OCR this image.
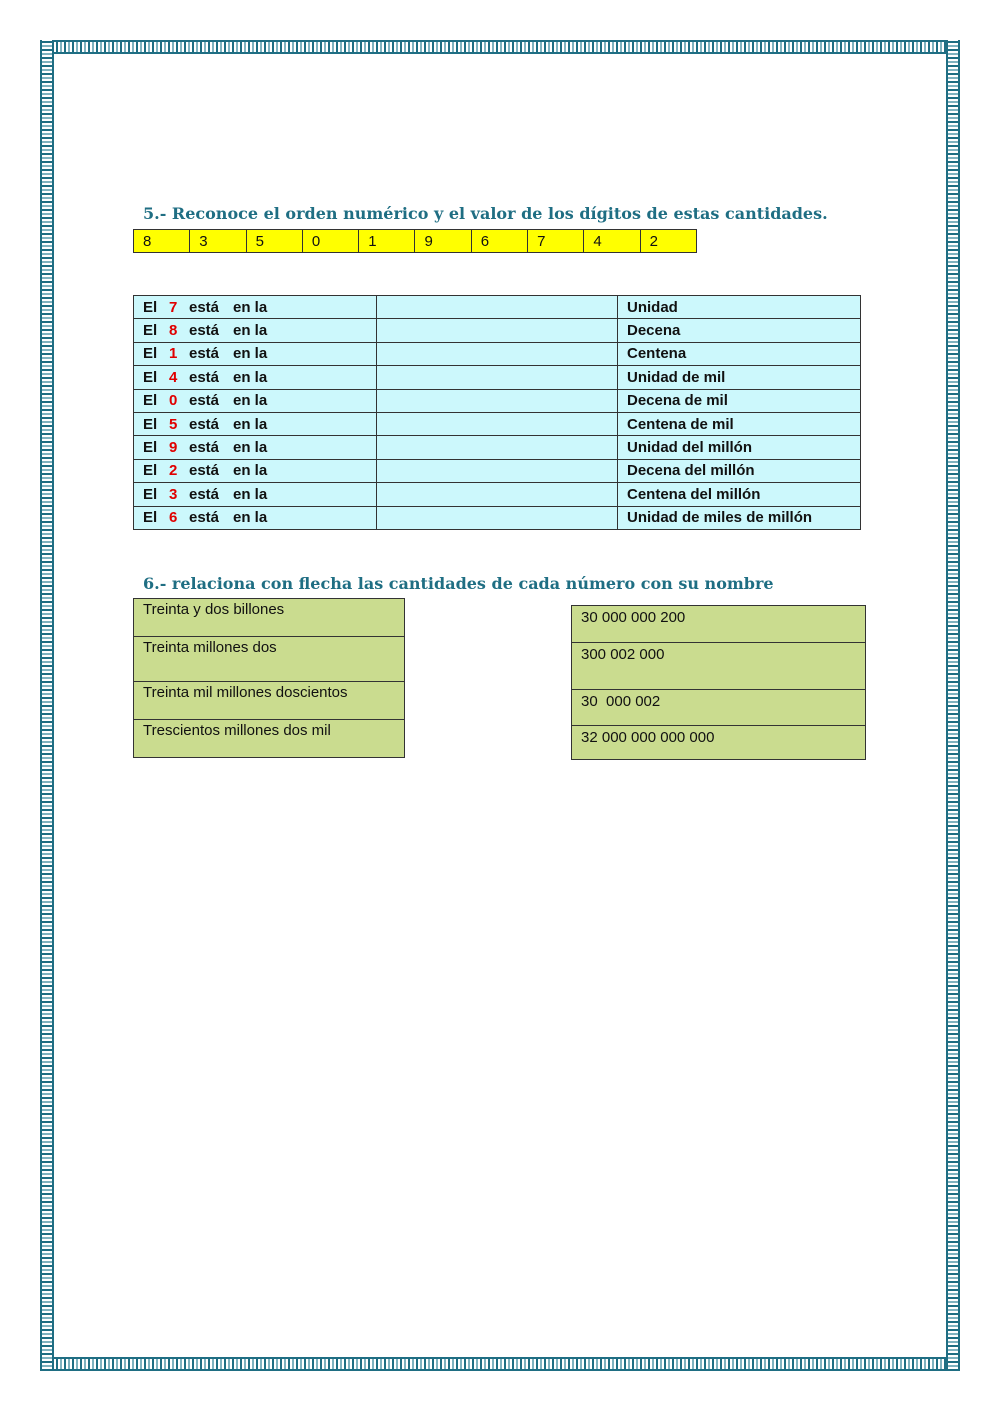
5.- Reconoce el orden numérico y el valor de los dígitos de estas cantidades.
8	3	5	0	1	9	6	7	4	2
El 7 está en la		Unidad
El 8 está en la		Decena
El 1 está en la		Centena
El 4 está en la		Unidad de mil
El 0 está en la		Decena de mil
El 5 está en la		Centena de mil
El 9 está en la		Unidad del millón
El 2 está en la		Decena del millón
El 3 está en la		Centena del millón
El 6 está en la		Unidad de miles de millón
6.- relaciona con flecha las cantidades de cada número con su nombre
Treinta y dos billones
Treinta millones dos
Treinta mil millones doscientos
Trescientos millones dos mil
30 000 000 200
300 002 000
30  000 002
32 000 000 000 000
